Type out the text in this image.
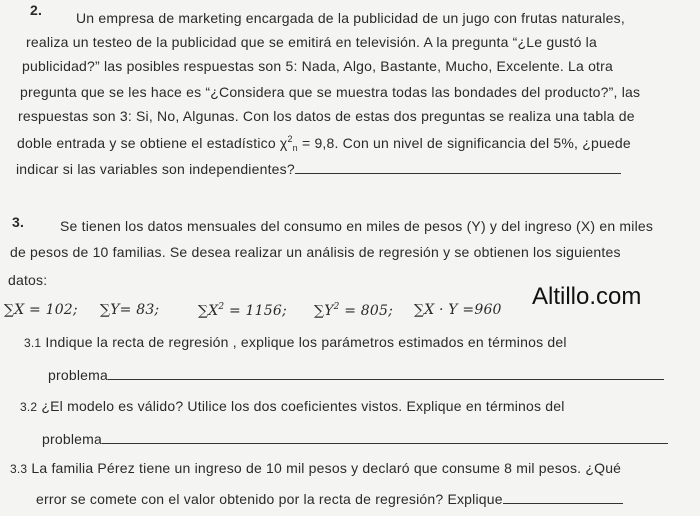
2. Un empresa de marketing encargada de la publicidad de un jugo con frutas naturales,
realiza un testeo de la publicidad que se emitirá en televisión. A la pregunta “¿Le gustó la
publicidad?” las posibles respuestas son 5: Nada, Algo, Bastante, Mucho, Excelente. La otra
pregunta que se les hace es “¿Considera que se muestra todas las bondades del producto?”, las
respuestas son 3: Si, No, Algunas. Con los datos de estas dos preguntas se realiza una tabla de
doble entrada y se obtiene el estadístico $\chi^2_n = 9,8$. Con un nivel de significancia del 5%, ¿puede
indicar si las variables son independientes?
3.	Se tienen los datos mensuales del consumo en miles de pesos (Y) y del ingreso (X) en miles
de pesos de 10 familias. Se desea realizar un análisis de regresión y se obtienen los siguientes
datos:
∑X = 102; ∑Y= 83;	$\sum X^2 = 1156$; $\sum Y^2 = 805$; ∑X · Y =960 Altillo.com
3.1 Indique la recta de regresión , explique los parámetros estimados en términos del
problema
3.2 ¿El modelo es válido? Utilice los dos coeficientes vistos. Explique en términos del
problema
3.3 La familia Pérez tiene un ingreso de 10 mil pesos y declaró que consume 8 mil pesos. ¿Qué
error se comete con el valor obtenido por la recta de regresión? Explique
